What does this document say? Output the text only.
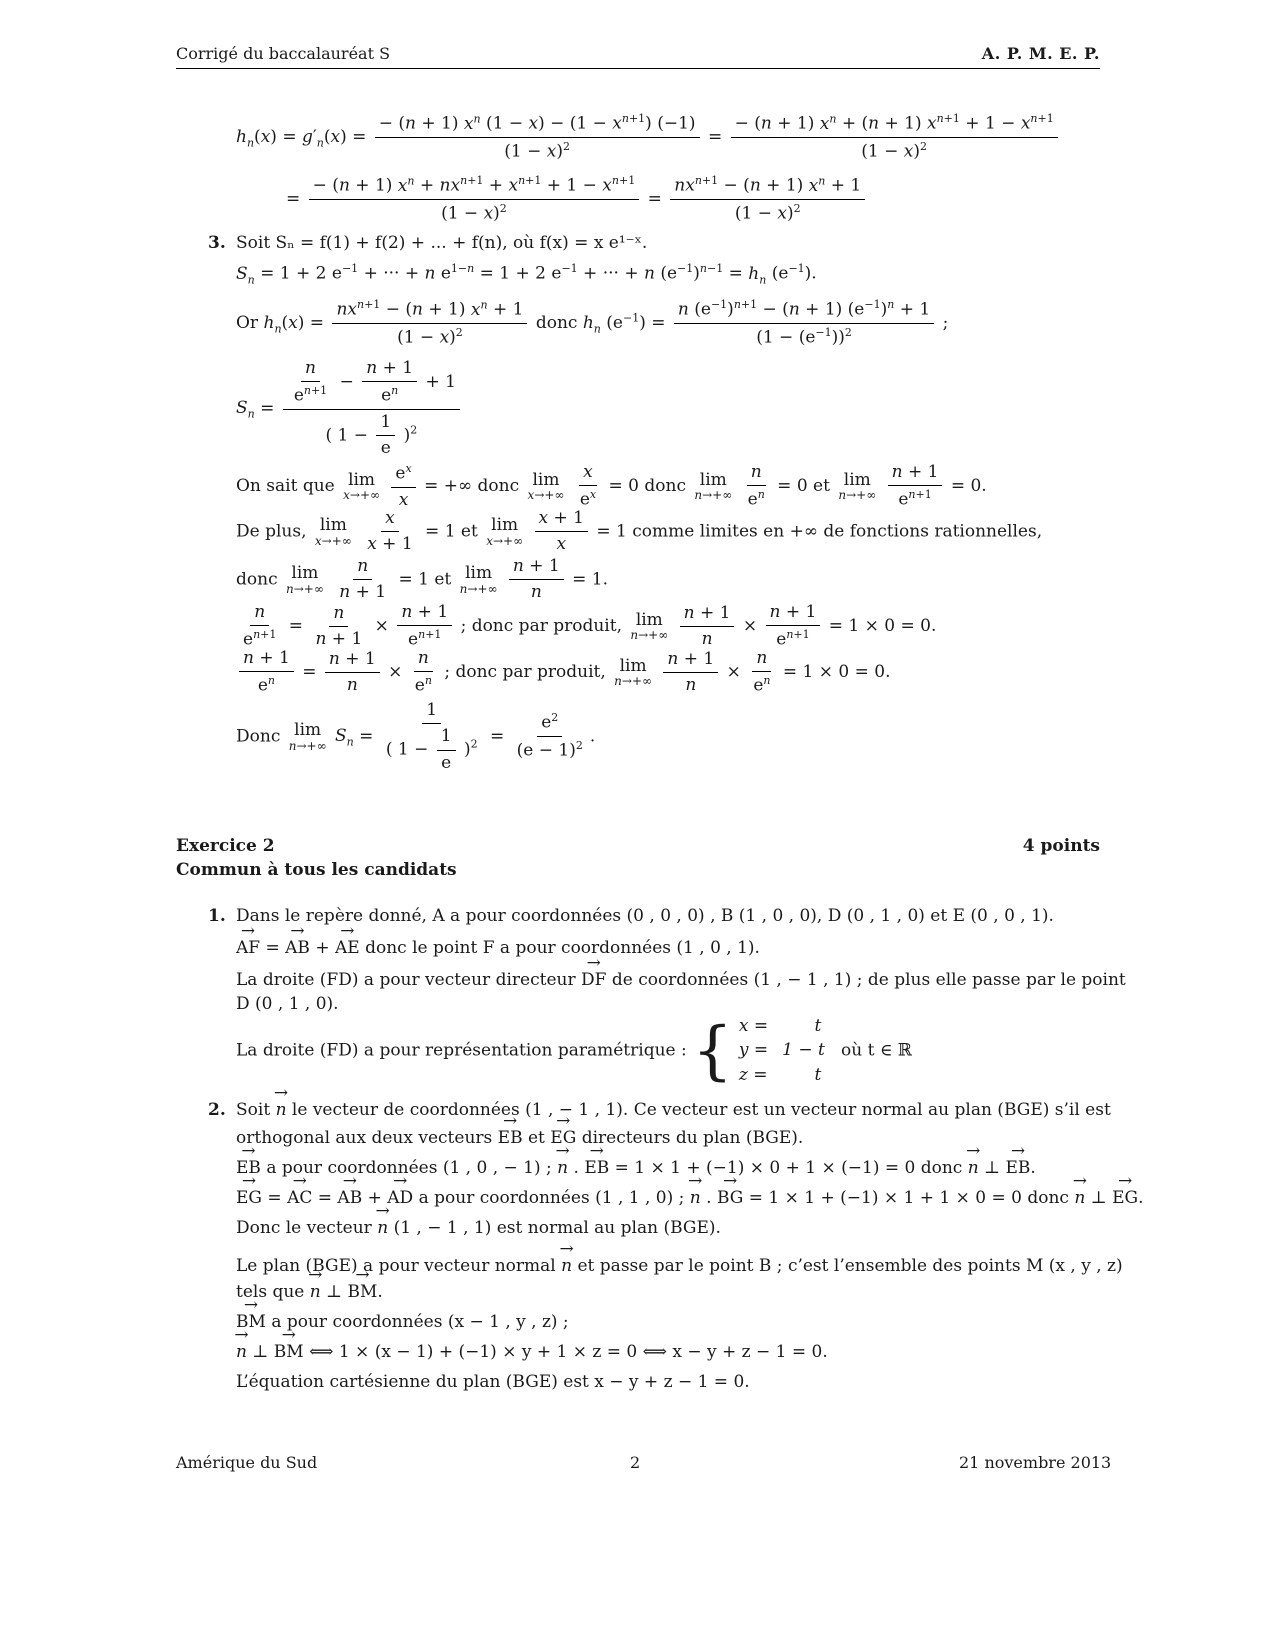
Corrigé du baccalauréat S	A. P. M. E. P.
$h_n(x) = g'_n(x) = \frac{- (n + 1) x^n (1 - x) - (1 - x^{n+1}) (-1)}{(1 - x)^2} = \frac{- (n + 1) x^n + (n + 1) x^{n+1} + 1 - x^{n+1}}{(1 - x)^2}$
= $\frac{- (n + 1) x^n + nx^{n+1} + x^{n+1} + 1 - x^{n+1}}{(1 - x)^2} = \frac{nx^{n+1} - (n + 1) x^n + 1}{(1 - x)^2}$
3. Soit Sₙ = f(1) + f(2) + ... + f(n), où f(x) = x e¹⁻ˣ.
$S_n = 1 + 2$ $e^{-1}$ + ··· + n $e^{1-n} = 1 + 2$ $e^{-1}$ + ··· + n $(e^{-1})^{n-1} = h_n$ $(e^{-1})$.
Or $h_n(x) = \frac{nx^{n+1} - (n + 1) x^n + 1}{(1 - x)^2}$ donc $h_n$ $(e^{-1}) = \frac{n (e^{-1})^{n+1} - (n + 1) (e^{-1})^n + 1}{(1 - (e^{-1}))^2}$ ;
$S_n = \frac{\frac{n}{e^{n+1}} - \frac{n + 1}{e^n} + 1}{( 1 - \frac{1}{e} )^2}$
On sait que lim
x→+∞
$\frac{e^x}{x}$ = +∞ donc lim
x→+∞
$\frac{x}{e^x} = 0$ donc lim
n→+∞
$\frac{n}{e^n} = 0$ et lim
n→+∞
$\frac{n + 1}{e^{n+1}} = 0$.
De plus, lim
x→+∞
$\frac{x}{x + 1} = 1$ et lim
x→+∞
$\frac{x + 1}{x} = 1$ comme limites en +∞ de fonctions rationnelles,
donc lim
n→+∞
$\frac{n}{n + 1} = 1$ et lim
n→+∞
$\frac{n + 1}{n} = 1$.
$\frac{n}{e^{n+1}} = \frac{n}{n + 1} \times \frac{n + 1}{e^{n+1}}$ ; donc par produit, lim
n→+∞
$\frac{n + 1}{n} \times \frac{n + 1}{e^{n+1}} = 1 \times 0 = 0$.
$\frac{n + 1}{e^n} = \frac{n + 1}{n} \times \frac{n}{e^n}$ ; donc par produit, lim
n→+∞
$\frac{n + 1}{n} \times \frac{n}{e^n} = 1 \times 0 = 0$.
Donc lim
n→+∞ $S_n = \frac{1}{( 1 - \frac{1}{e} )^2} = \frac{e^2}{(e - 1)^2}$ .
Exercice 2	4 points
Commun à tous les candidats
1. Dans le repère donné, A a pour coordonnées (0 , 0 , 0) , B (1 , 0 , 0), D (0 , 1 , 0) et E (0 , 0 , 1).
→ AF = → AB + → AE donc le point F a pour coordonnées (1 , 0 , 1).
La droite (FD) a pour vecteur directeur → DF de coordonnées (1 , − 1 , 1) ; de plus elle passe par le point
D (0 , 1 , 0).
La droite (FD) a pour représentation paramétrique : { x = t
y = 1 − t
z = t
où t ∈ ℝ
2. Soit → n le vecteur de coordonnées (1 , − 1 , 1). Ce vecteur est un vecteur normal au plan (BGE) s’il est
orthogonal aux deux vecteurs → EB et → EG directeurs du plan (BGE).
→ EB a pour coordonnées (1 , 0 , − 1) ; → n . → EB = 1 × 1 + (−1) × 0 + 1 × (−1) = 0 donc → n ⊥ → EB.
→ EG = → AC = → AB + → AD a pour coordonnées (1 , 1 , 0) ; → n . → BG = 1 × 1 + (−1) × 1 + 1 × 0 = 0 donc → n ⊥ → EG.
Donc le vecteur → n (1 , − 1 , 1) est normal au plan (BGE).
Le plan (BGE) a pour vecteur normal → n et passe par le point B ; c’est l’ensemble des points M (x , y , z)
tels que → n ⊥ → BM.
→ BM a pour coordonnées (x − 1 , y , z) ;
→ n ⊥ → BM ⟺ 1 × (x − 1) + (−1) × y + 1 × z = 0 ⟺ x − y + z − 1 = 0.
L’équation cartésienne du plan (BGE) est x − y + z − 1 = 0.
Amérique du Sud	2	21 novembre 2013
